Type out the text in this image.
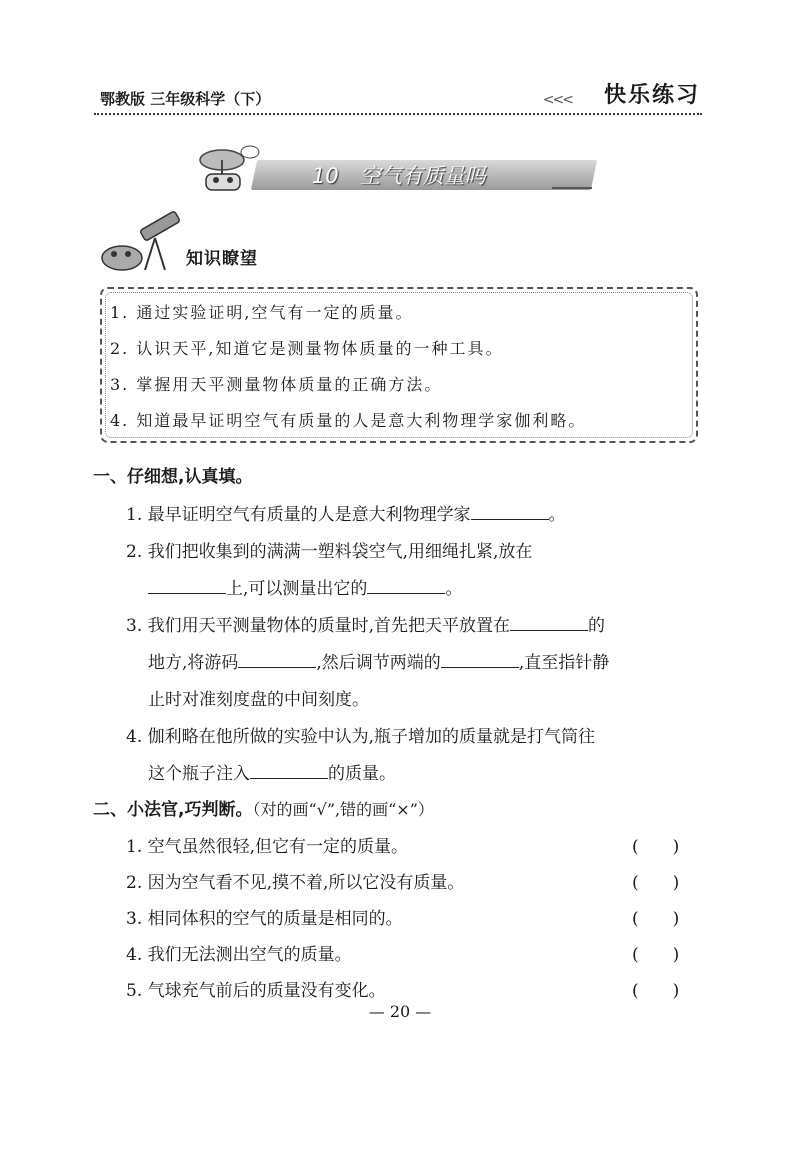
鄂教版 三年级科学（下）	<<< 快乐练习
10　空气有质量吗
知识瞭望
1. 通过实验证明,空气有一定的质量。
2. 认识天平,知道它是测量物体质量的一种工具。
3. 掌握用天平测量物体质量的正确方法。
4. 知道最早证明空气有质量的人是意大利物理学家伽利略。
一、仔细想,认真填。
1. 最早证明空气有质量的人是意大利物理学家	。
2. 我们把收集到的满满一塑料袋空气,用细绳扎紧,放在
上,可以测量出它的	。
3. 我们用天平测量物体的质量时,首先把天平放置在	的
地方,将游码	,然后调节两端的	,直至指针静
止时对准刻度盘的中间刻度。
4. 伽利略在他所做的实验中认为,瓶子增加的质量就是打气筒往
这个瓶子注入	的质量。
二、小法官,巧判断。（对的画“√”,错的画“×”）
1. 空气虽然很轻,但它有一定的质量。	(　　)
2. 因为空气看不见,摸不着,所以它没有质量。	(　　)
3. 相同体积的空气的质量是相同的。	(　　)
4. 我们无法测出空气的质量。	(　　)
5. 气球充气前后的质量没有变化。	(　　)
— 20 —
